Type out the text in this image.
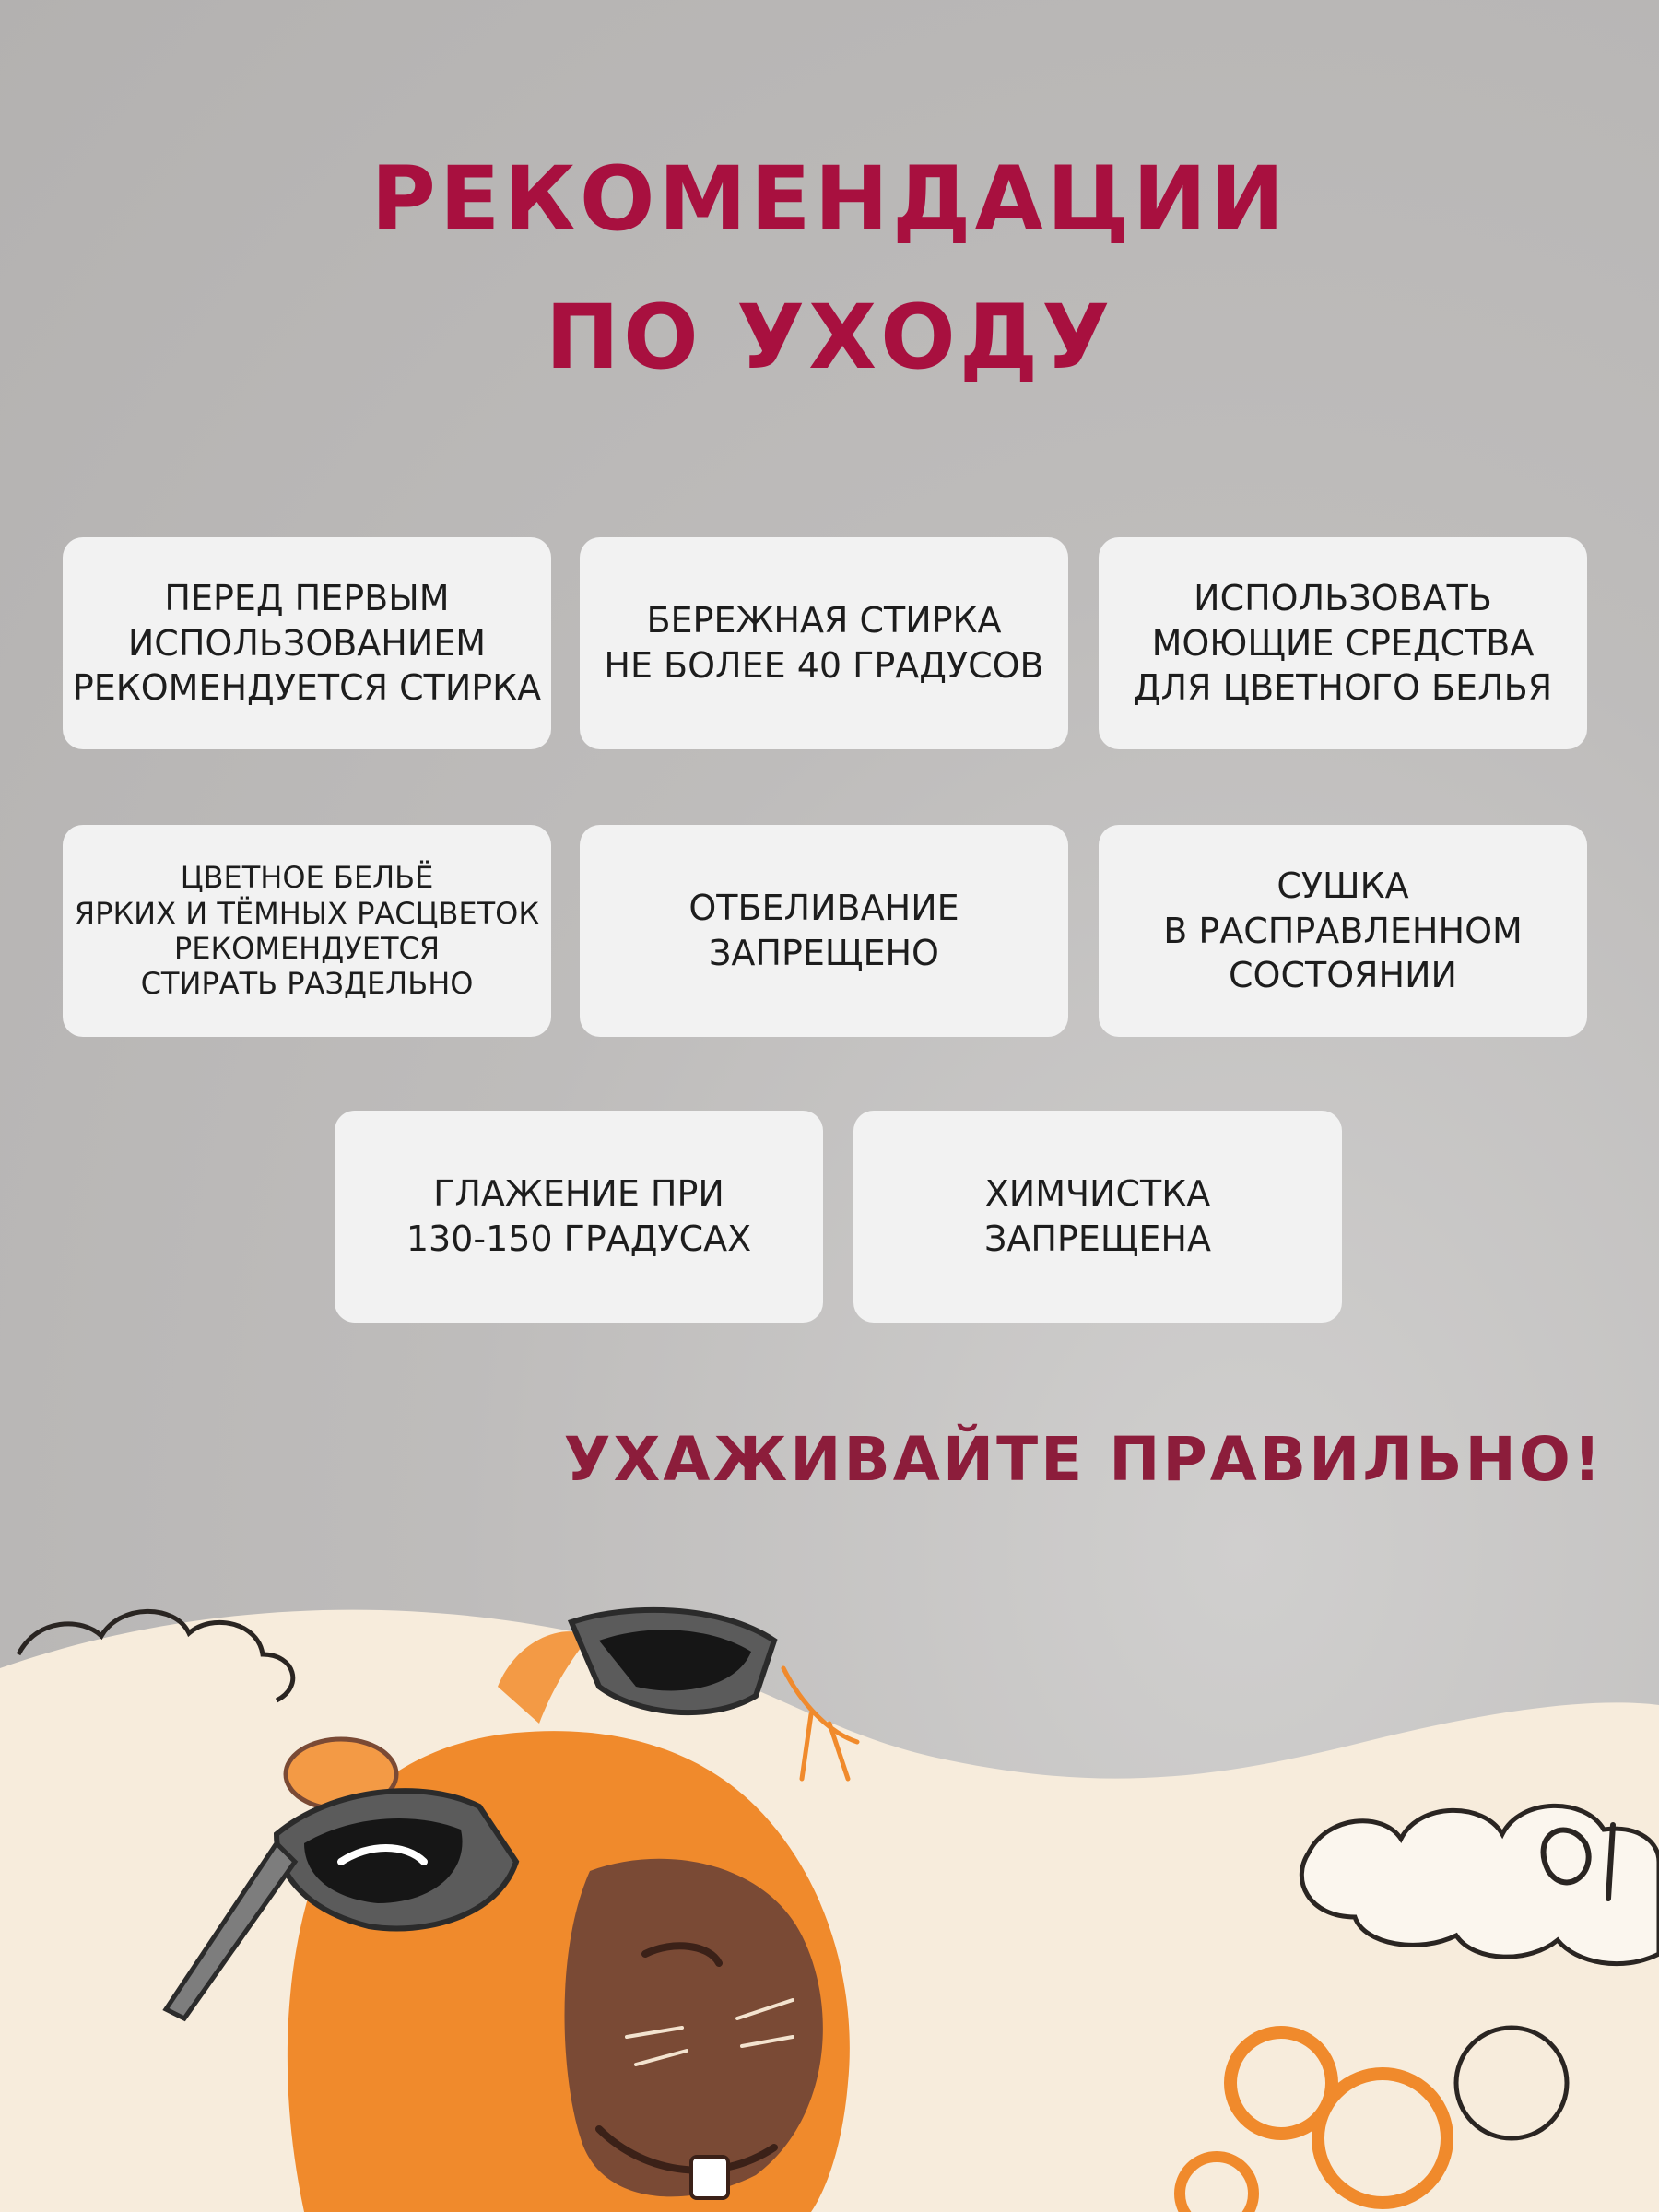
РЕКОМЕНДАЦИИ
ПО УХОДУ
ПЕРЕД ПЕРВЫМ
ИСПОЛЬЗОВАНИЕМ
РЕКОМЕНДУЕТСЯ СТИРКА
БЕРЕЖНАЯ СТИРКА
НЕ БОЛЕЕ 40 ГРАДУСОВ
ИСПОЛЬЗОВАТЬ
МОЮЩИЕ СРЕДСТВА
ДЛЯ ЦВЕТНОГО БЕЛЬЯ
ЦВЕТНОЕ БЕЛЬЁ
ЯРКИХ И ТЁМНЫХ РАСЦВЕТОК
РЕКОМЕНДУЕТСЯ
СТИРАТЬ РАЗДЕЛЬНО
ОТБЕЛИВАНИЕ
ЗАПРЕЩЕНО
СУШКА
В РАСПРАВЛЕННОМ
СОСТОЯНИИ
ГЛАЖЕНИЕ ПРИ
130-150 ГРАДУСАХ
ХИМЧИСТКА
ЗАПРЕЩЕНА

УХАЖИВАЙТЕ ПРАВИЛЬНО!
